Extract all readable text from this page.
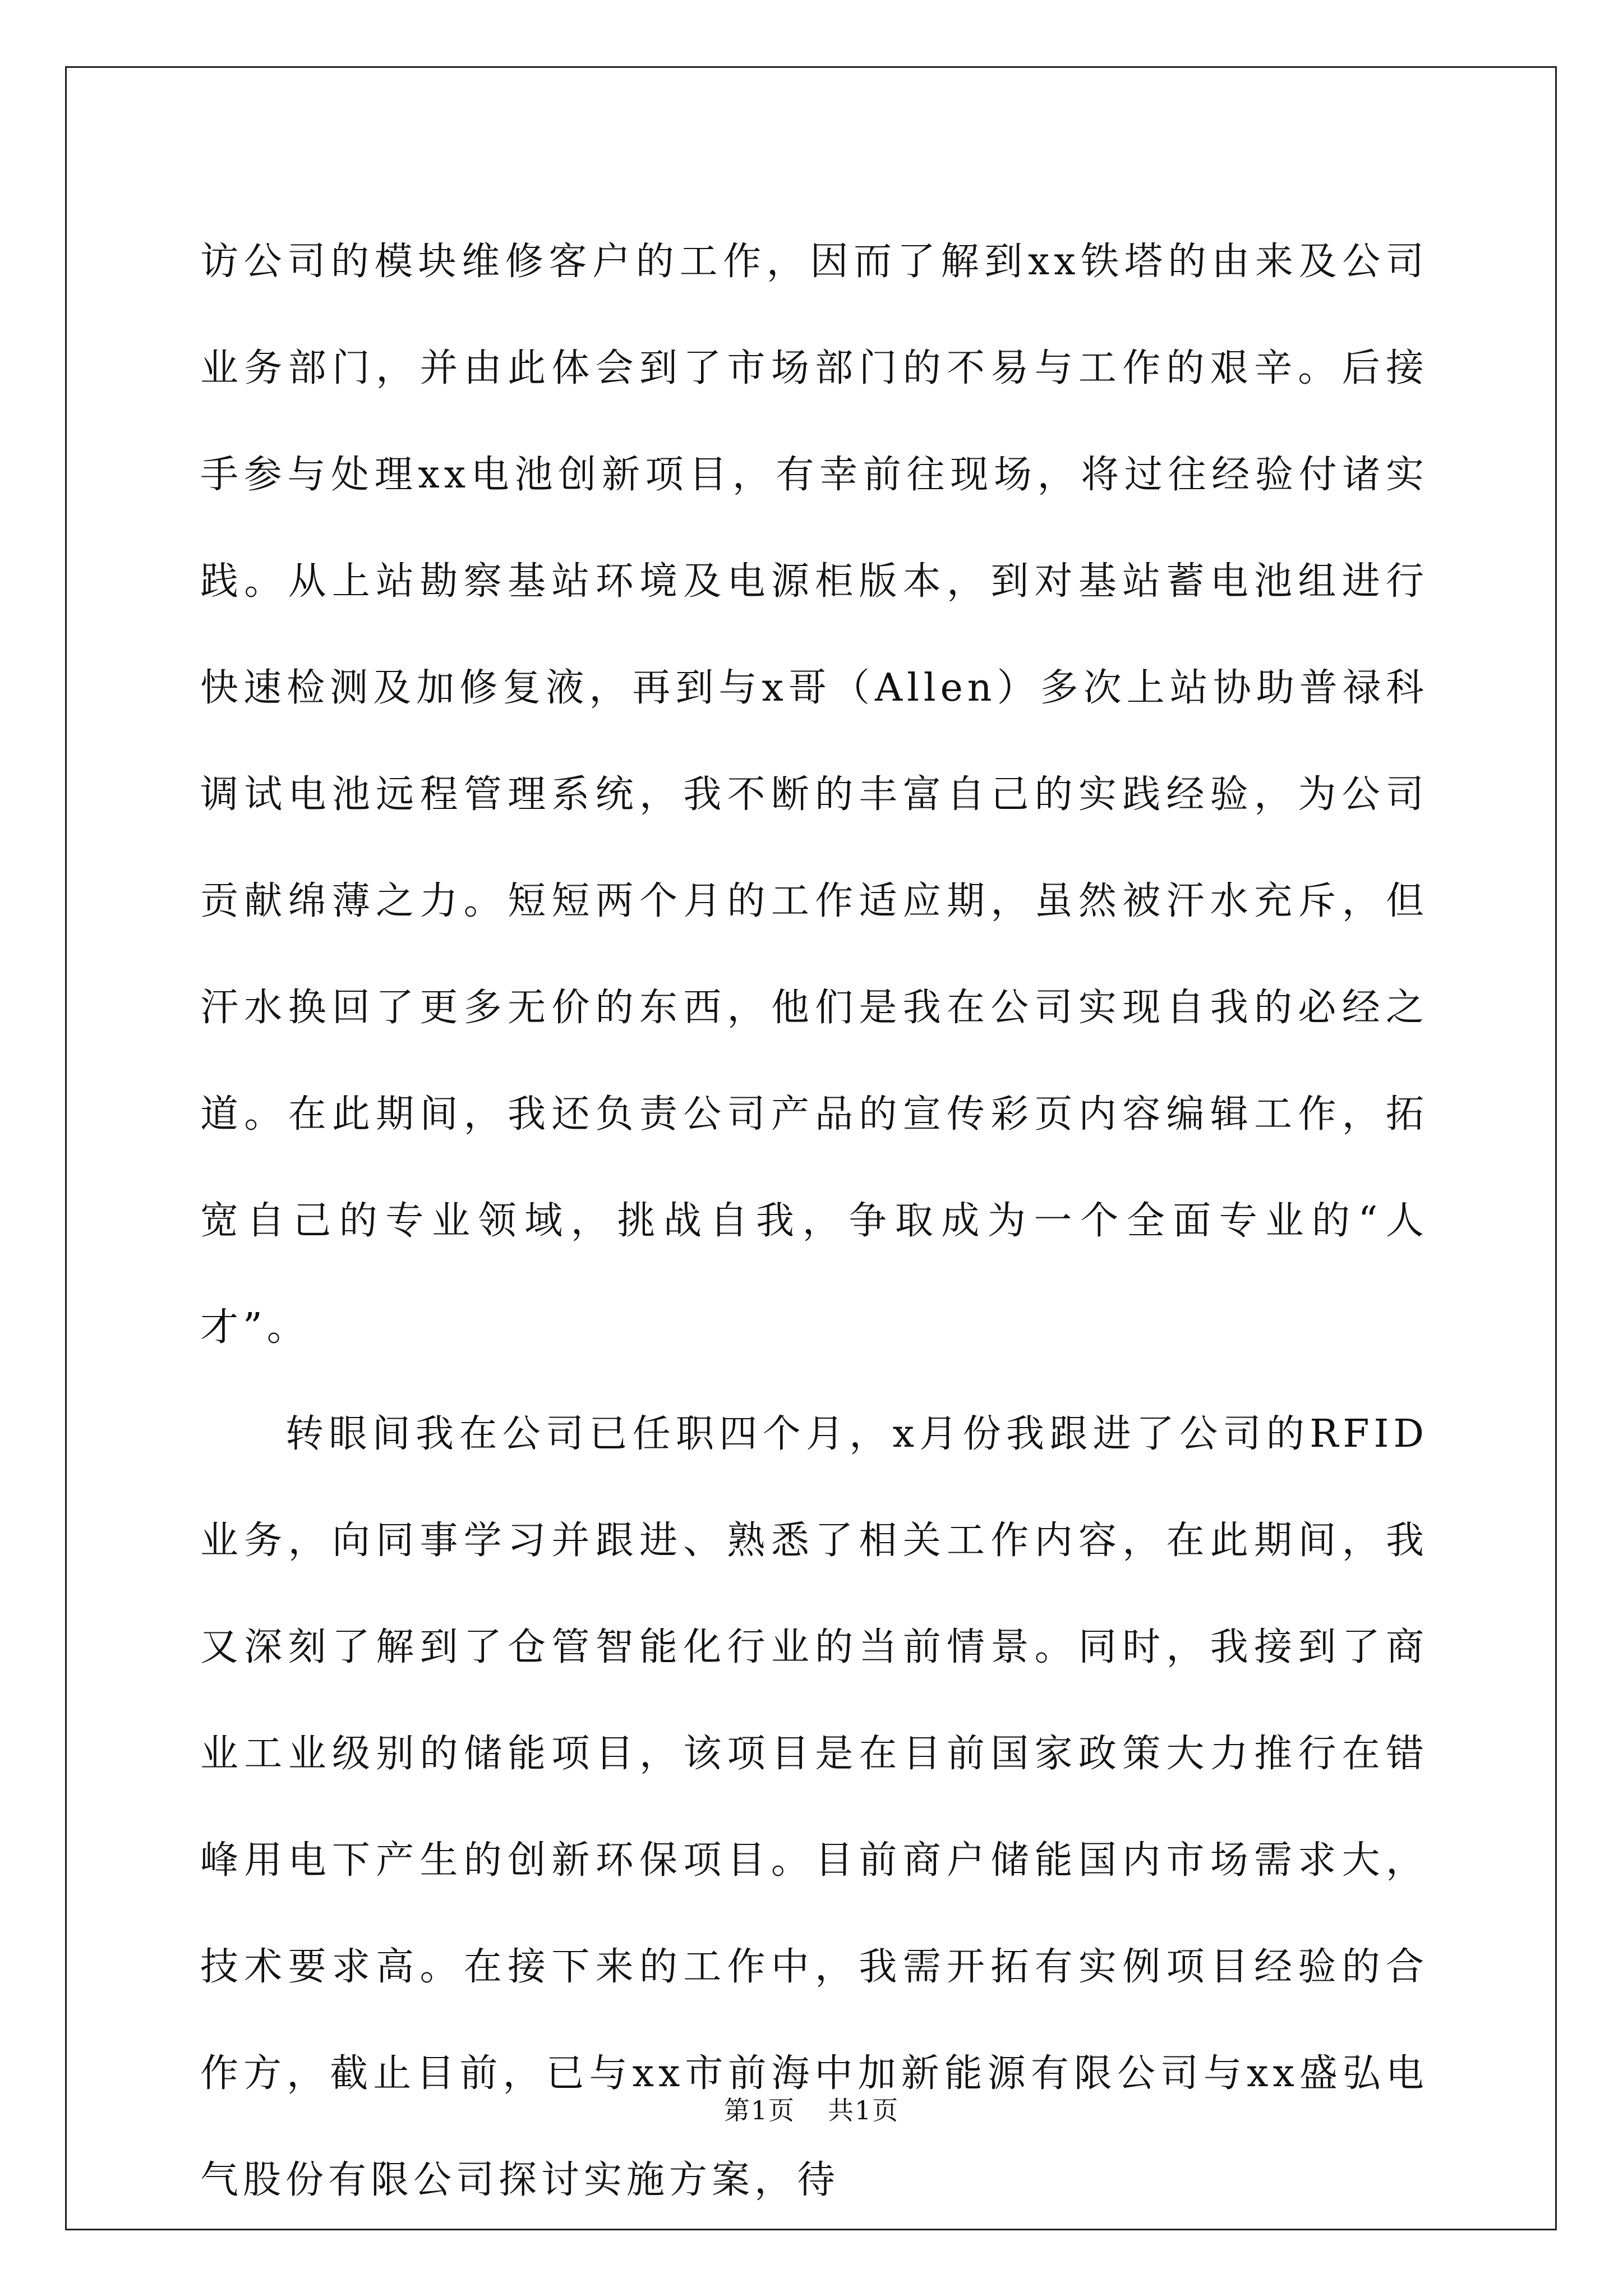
访公司的模块维修客户的工作，因而了解到xx铁塔的由来及公司业务部门，并由此体会到了市场部门的不易与工作的艰辛。后接手参与处理xx电池创新项目，有幸前往现场，将过往经验付诸实践。从上站勘察基站环境及电源柜版本，到对基站蓄电池组进行快速检测及加修复液，再到与x哥（Allen）多次上站协助普禄科调试电池远程管理系统，我不断的丰富自己的实践经验，为公司贡献绵薄之力。短短两个月的工作适应期，虽然被汗水充斥，但汗水换回了更多无价的东西，他们是我在公司实现自我的必经之道。在此期间，我还负责公司产品的宣传彩页内容编辑工作，拓宽自己的专业领域，挑战自我，争取成为一个全面专业的“人才”。

转眼间我在公司已任职四个月，x月份我跟进了公司的RFID业务，向同事学习并跟进、熟悉了相关工作内容，在此期间，我又深刻了解到了仓管智能化行业的当前情景。同时，我接到了商业工业级别的储能项目，该项目是在目前国家政策大力推行在错峰用电下产生的创新环保项目。目前商户储能国内市场需求大，技术要求高。在接下来的工作中，我需开拓有实例项目经验的合作方，截止目前，已与xx市前海中加新能源有限公司与xx盛弘电气股份有限公司探讨实施方案，待

第1页 共1页
